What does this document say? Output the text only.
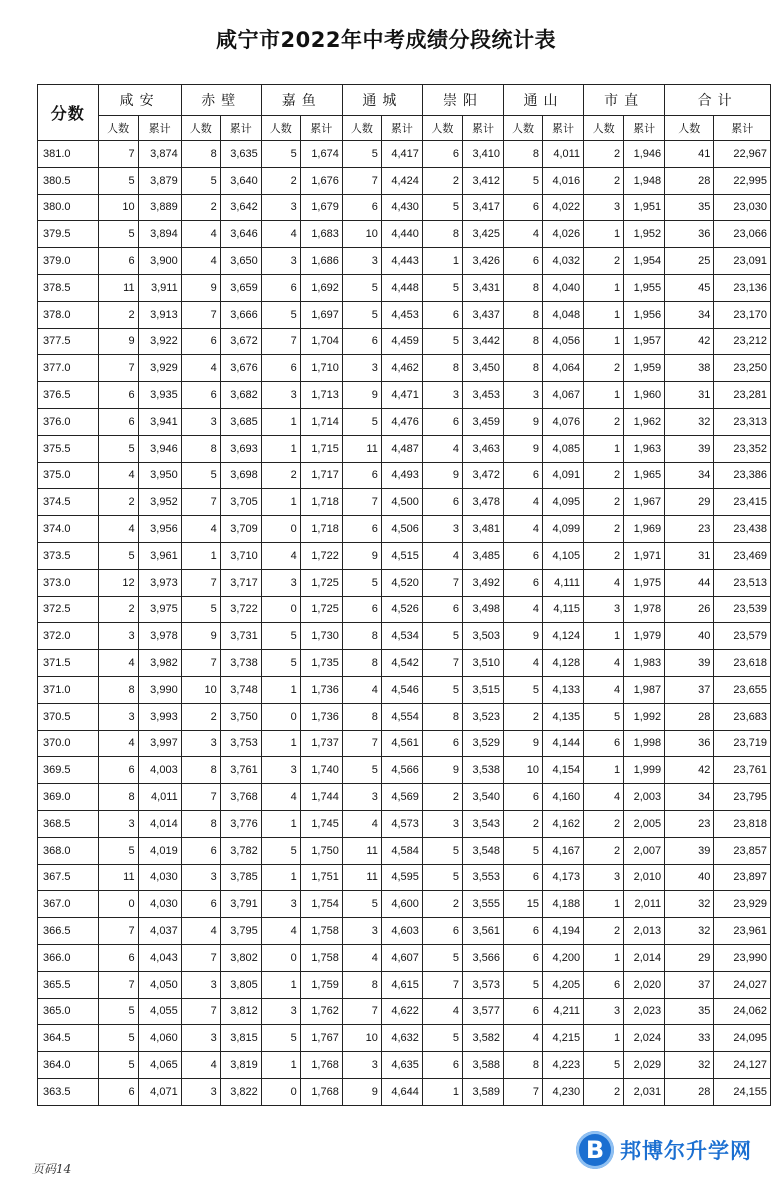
咸宁市2022年中考成绩分段统计表
分数	咸安		赤壁		嘉鱼		通城		崇阳		通山		市直		合计	
	人数	累计	人数	累计	人数	累计	人数	累计	人数	累计	人数	累计	人数	累计	人数	累计
381.0	7	3,874	8	3,635	5	1,674	5	4,417	6	3,410	8	4,011	2	1,946	41	22,967
380.5	5	3,879	5	3,640	2	1,676	7	4,424	2	3,412	5	4,016	2	1,948	28	22,995
380.0	10	3,889	2	3,642	3	1,679	6	4,430	5	3,417	6	4,022	3	1,951	35	23,030
379.5	5	3,894	4	3,646	4	1,683	10	4,440	8	3,425	4	4,026	1	1,952	36	23,066
379.0	6	3,900	4	3,650	3	1,686	3	4,443	1	3,426	6	4,032	2	1,954	25	23,091
378.5	11	3,911	9	3,659	6	1,692	5	4,448	5	3,431	8	4,040	1	1,955	45	23,136
378.0	2	3,913	7	3,666	5	1,697	5	4,453	6	3,437	8	4,048	1	1,956	34	23,170
377.5	9	3,922	6	3,672	7	1,704	6	4,459	5	3,442	8	4,056	1	1,957	42	23,212
377.0	7	3,929	4	3,676	6	1,710	3	4,462	8	3,450	8	4,064	2	1,959	38	23,250
376.5	6	3,935	6	3,682	3	1,713	9	4,471	3	3,453	3	4,067	1	1,960	31	23,281
376.0	6	3,941	3	3,685	1	1,714	5	4,476	6	3,459	9	4,076	2	1,962	32	23,313
375.5	5	3,946	8	3,693	1	1,715	11	4,487	4	3,463	9	4,085	1	1,963	39	23,352
375.0	4	3,950	5	3,698	2	1,717	6	4,493	9	3,472	6	4,091	2	1,965	34	23,386
374.5	2	3,952	7	3,705	1	1,718	7	4,500	6	3,478	4	4,095	2	1,967	29	23,415
374.0	4	3,956	4	3,709	0	1,718	6	4,506	3	3,481	4	4,099	2	1,969	23	23,438
373.5	5	3,961	1	3,710	4	1,722	9	4,515	4	3,485	6	4,105	2	1,971	31	23,469
373.0	12	3,973	7	3,717	3	1,725	5	4,520	7	3,492	6	4,111	4	1,975	44	23,513
372.5	2	3,975	5	3,722	0	1,725	6	4,526	6	3,498	4	4,115	3	1,978	26	23,539
372.0	3	3,978	9	3,731	5	1,730	8	4,534	5	3,503	9	4,124	1	1,979	40	23,579
371.5	4	3,982	7	3,738	5	1,735	8	4,542	7	3,510	4	4,128	4	1,983	39	23,618
371.0	8	3,990	10	3,748	1	1,736	4	4,546	5	3,515	5	4,133	4	1,987	37	23,655
370.5	3	3,993	2	3,750	0	1,736	8	4,554	8	3,523	2	4,135	5	1,992	28	23,683
370.0	4	3,997	3	3,753	1	1,737	7	4,561	6	3,529	9	4,144	6	1,998	36	23,719
369.5	6	4,003	8	3,761	3	1,740	5	4,566	9	3,538	10	4,154	1	1,999	42	23,761
369.0	8	4,011	7	3,768	4	1,744	3	4,569	2	3,540	6	4,160	4	2,003	34	23,795
368.5	3	4,014	8	3,776	1	1,745	4	4,573	3	3,543	2	4,162	2	2,005	23	23,818
368.0	5	4,019	6	3,782	5	1,750	11	4,584	5	3,548	5	4,167	2	2,007	39	23,857
367.5	11	4,030	3	3,785	1	1,751	11	4,595	5	3,553	6	4,173	3	2,010	40	23,897
367.0	0	4,030	6	3,791	3	1,754	5	4,600	2	3,555	15	4,188	1	2,011	32	23,929
366.5	7	4,037	4	3,795	4	1,758	3	4,603	6	3,561	6	4,194	2	2,013	32	23,961
366.0	6	4,043	7	3,802	0	1,758	4	4,607	5	3,566	6	4,200	1	2,014	29	23,990
365.5	7	4,050	3	3,805	1	1,759	8	4,615	7	3,573	5	4,205	6	2,020	37	24,027
365.0	5	4,055	7	3,812	3	1,762	7	4,622	4	3,577	6	4,211	3	2,023	35	24,062
364.5	5	4,060	3	3,815	5	1,767	10	4,632	5	3,582	4	4,215	1	2,024	33	24,095
364.0	5	4,065	4	3,819	1	1,768	3	4,635	6	3,588	8	4,223	5	2,029	32	24,127
363.5	6	4,071	3	3,822	0	1,768	9	4,644	1	3,589	7	4,230	2	2,031	28	24,155
页码14
B 邦博尔升学网
